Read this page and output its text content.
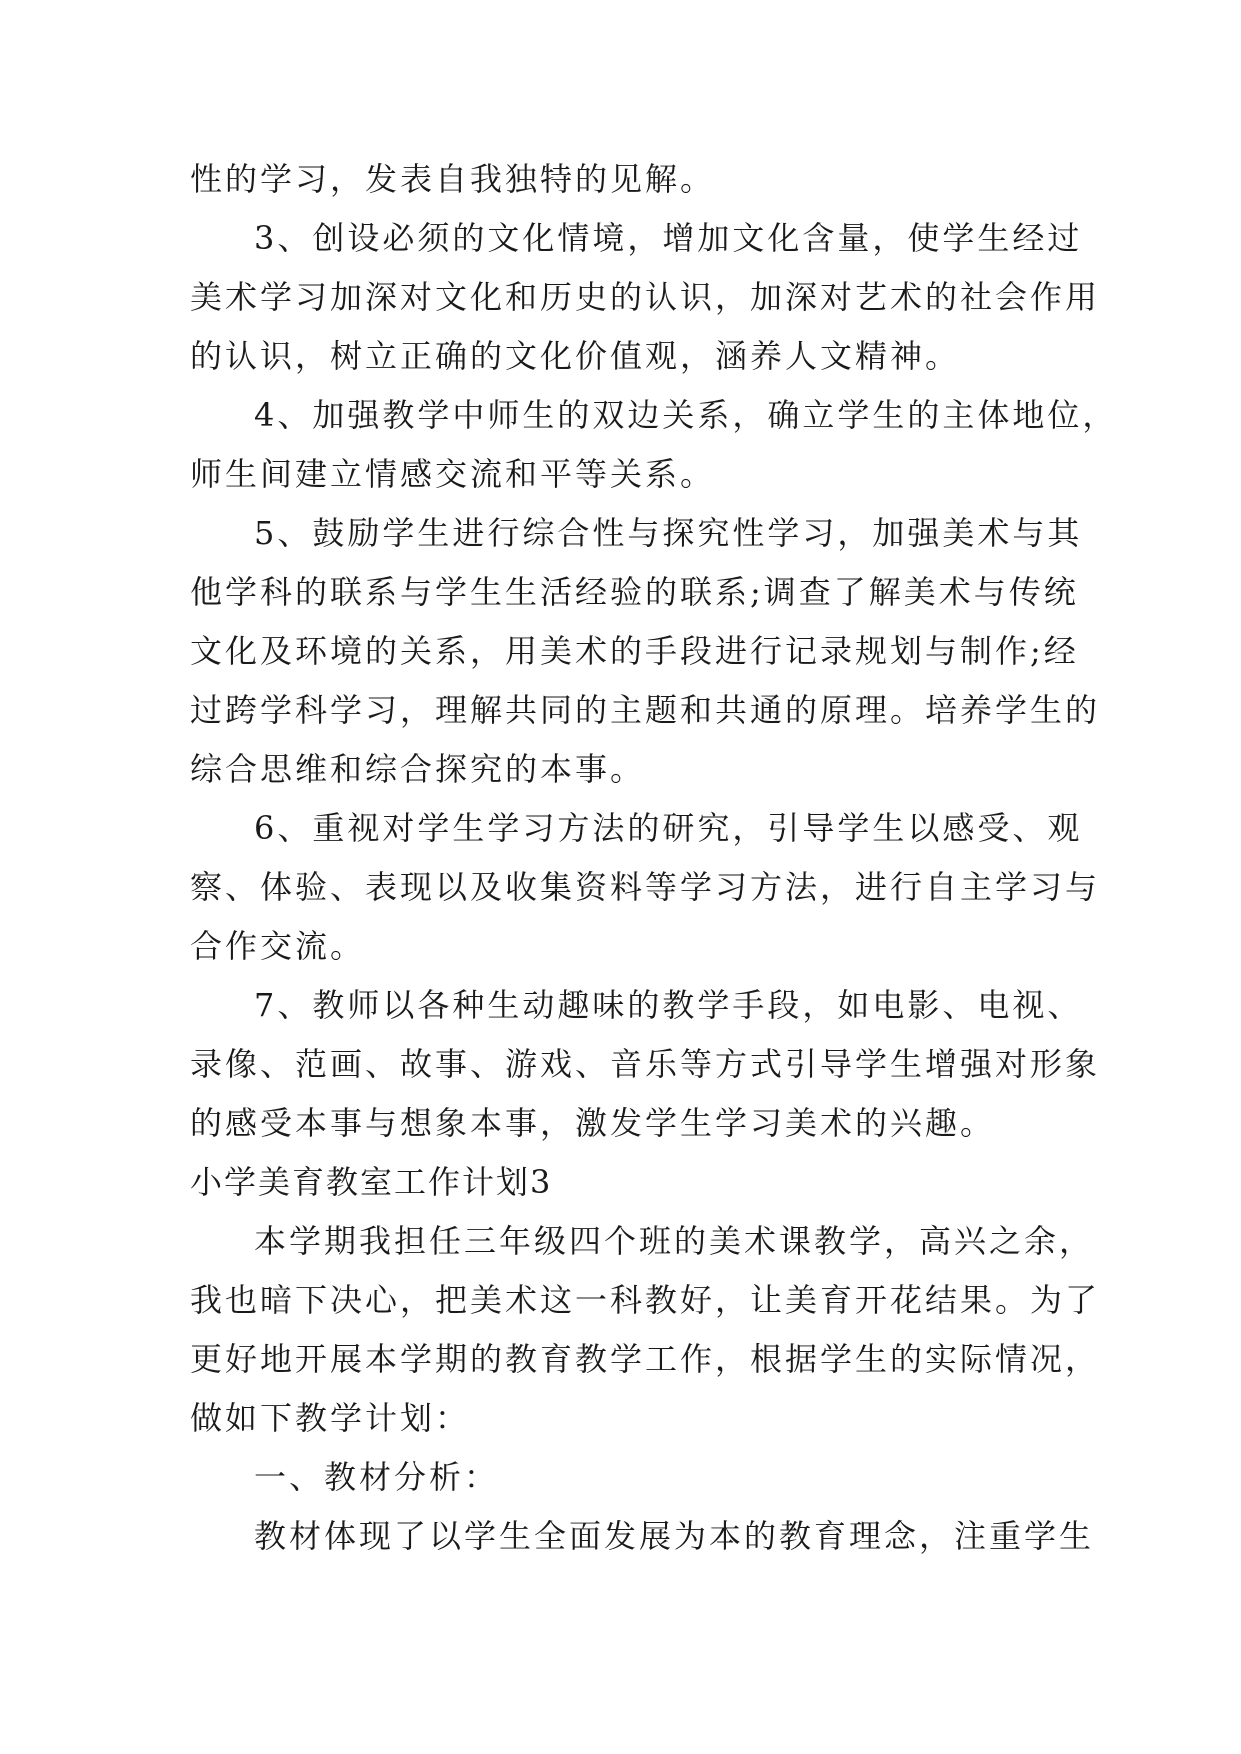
性的学习，发表自我独特的见解。
3、创设必须的文化情境，增加文化含量，使学生经过
美术学习加深对文化和历史的认识，加深对艺术的社会作用
的认识，树立正确的文化价值观，涵养人文精神。
4、加强教学中师生的双边关系，确立学生的主体地位，
师生间建立情感交流和平等关系。
5、鼓励学生进行综合性与探究性学习，加强美术与其
他学科的联系与学生生活经验的联系;调查了解美术与传统
文化及环境的关系，用美术的手段进行记录规划与制作;经
过跨学科学习，理解共同的主题和共通的原理。培养学生的
综合思维和综合探究的本事。
6、重视对学生学习方法的研究，引导学生以感受、观
察、体验、表现以及收集资料等学习方法，进行自主学习与
合作交流。
7、教师以各种生动趣味的教学手段，如电影、电视、
录像、范画、故事、游戏、音乐等方式引导学生增强对形象
的感受本事与想象本事，激发学生学习美术的兴趣。
小学美育教室工作计划3
本学期我担任三年级四个班的美术课教学，高兴之余，
我也暗下决心，把美术这一科教好，让美育开花结果。为了
更好地开展本学期的教育教学工作，根据学生的实际情况，
做如下教学计划：
一、教材分析：
教材体现了以学生全面发展为本的教育理念，注重学生
